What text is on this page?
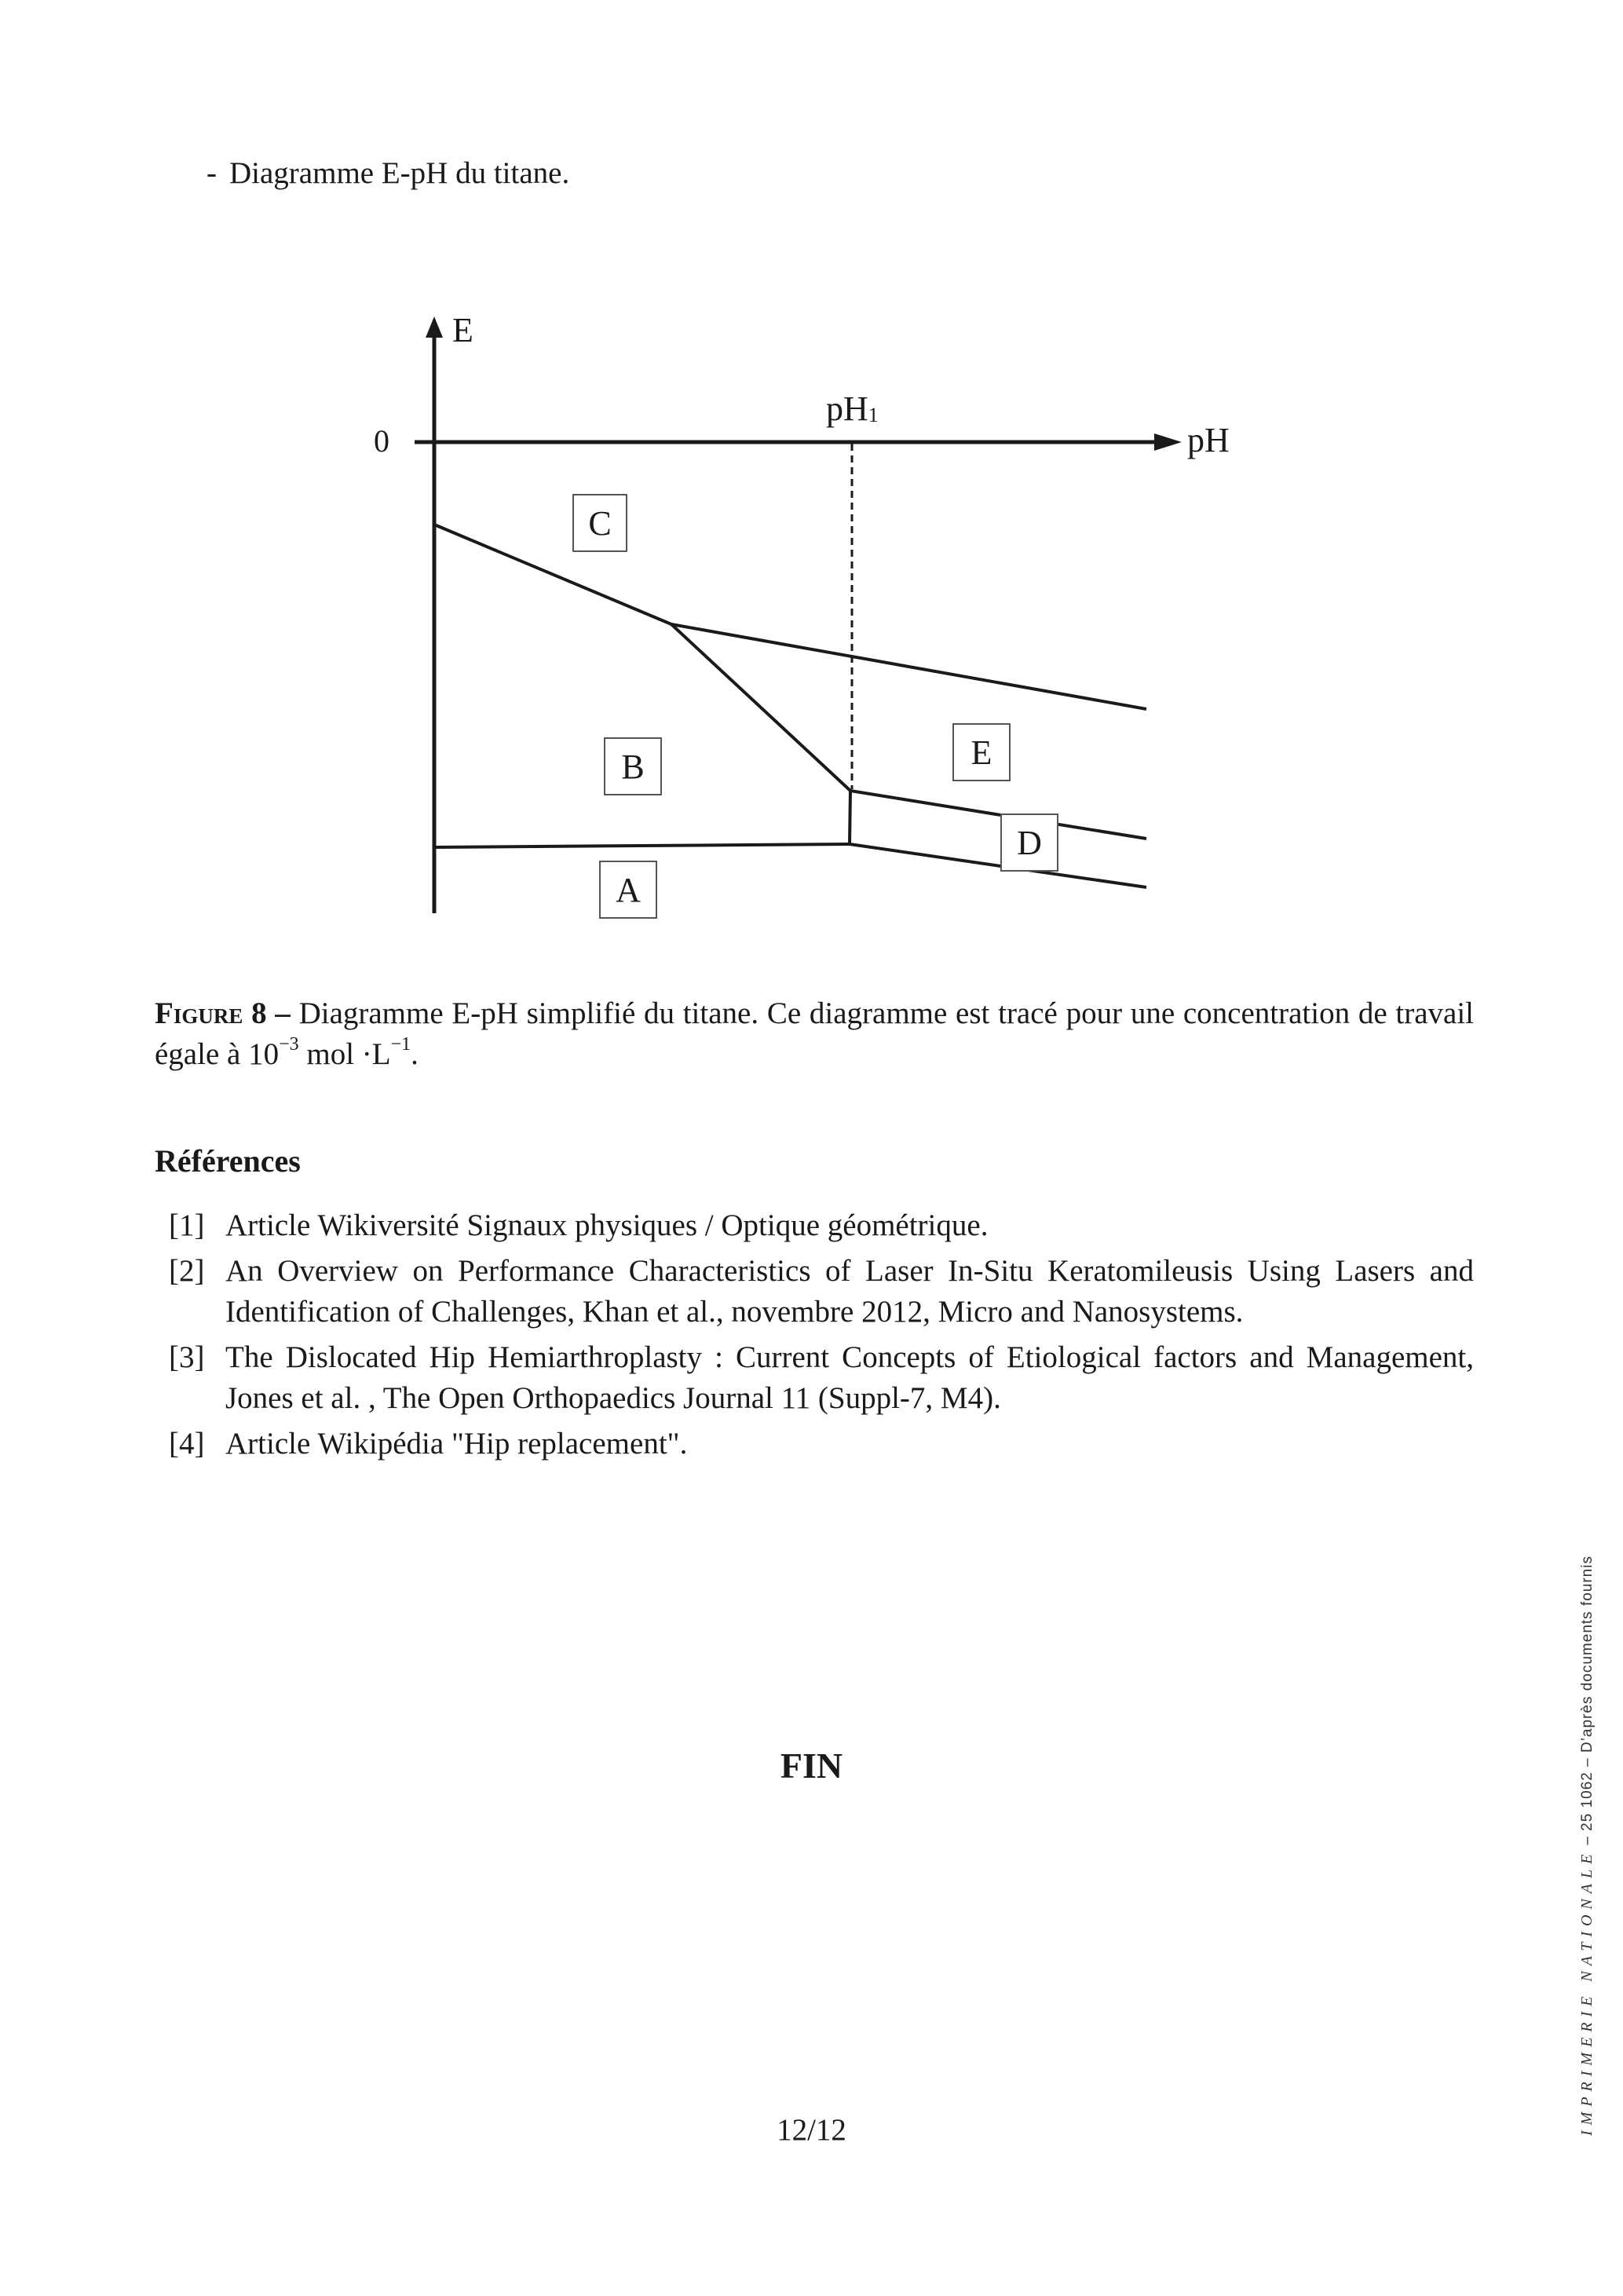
- Diagramme E-pH du titane.
E
0	pH
pH1
C
B	E
D
A
Figure 8 – Diagramme E-pH simplifié du titane. Ce diagramme est tracé pour une concentration de travail égale à $10^{-3}$ mol $\cdot L^{-1}$.
Références
[1] Article Wikiversité Signaux physiques / Optique géométrique.
[2] An Overview on Performance Characteristics of Laser In-Situ Keratomileusis Using Lasers and Identification of Challenges, Khan et al., novembre 2012, Micro and Nanosystems.
[3] The Dislocated Hip Hemiarthroplasty : Current Concepts of Etiological factors and Management, Jones et al. , The Open Orthopaedics Journal 11 (Suppl-7, M4).
[4] Article Wikipédia "Hip replacement".
FIN
12/12	IMPRIMERIE NATIONALE – 25 1062 – D’après documents fournis
